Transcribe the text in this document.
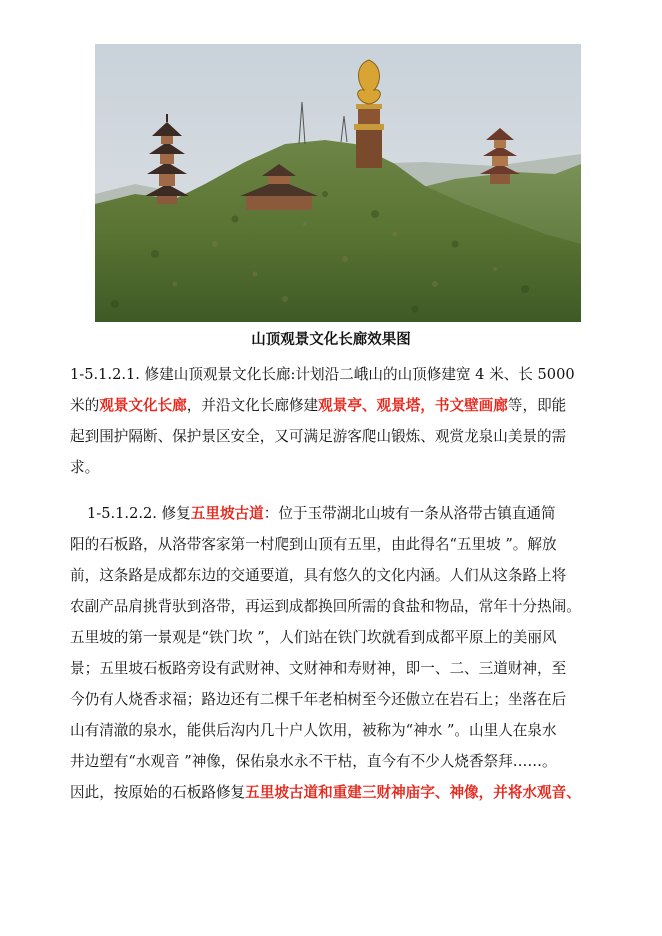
山顶观景文化长廊效果图
1-5.1.2.1. 修建山顶观景文化长廊:计划沿二峨山的山顶修建宽 4 米、长 5000
米的观景文化长廊，并沿文化长廊修建观景亭、观景塔，书文壁画廊等，即能
起到围护隔断、保护景区安全，又可满足游客爬山锻炼、观赏龙泉山美景的需
求。
1-5.1.2.2. 修复五里坡古道：位于玉带湖北山坡有一条从洛带古镇直通简
阳的石板路，从洛带客家第一村爬到山顶有五里，由此得名“五里坡 ”。解放
前，这条路是成都东边的交通要道，具有悠久的文化内涵。人们从这条路上将
农副产品肩挑背驮到洛带，再运到成都换回所需的食盐和物品，常年十分热闹。
五里坡的第一景观是“铁门坎 ”，人们站在铁门坎就看到成都平原上的美丽风
景；五里坡石板路旁设有武财神、文财神和寿财神，即一、二、三道财神，至
今仍有人烧香求福；路边还有二棵千年老柏树至今还傲立在岩石上；坐落在后
山有清澈的泉水，能供后沟内几十户人饮用，被称为“神水 ”。山里人在泉水
井边塑有“水观音 ”神像，保佑泉水永不干枯，直今有不少人烧香祭拜……。
因此，按原始的石板路修复五里坡古道和重建三财神庙字、神像，并将水观音、
